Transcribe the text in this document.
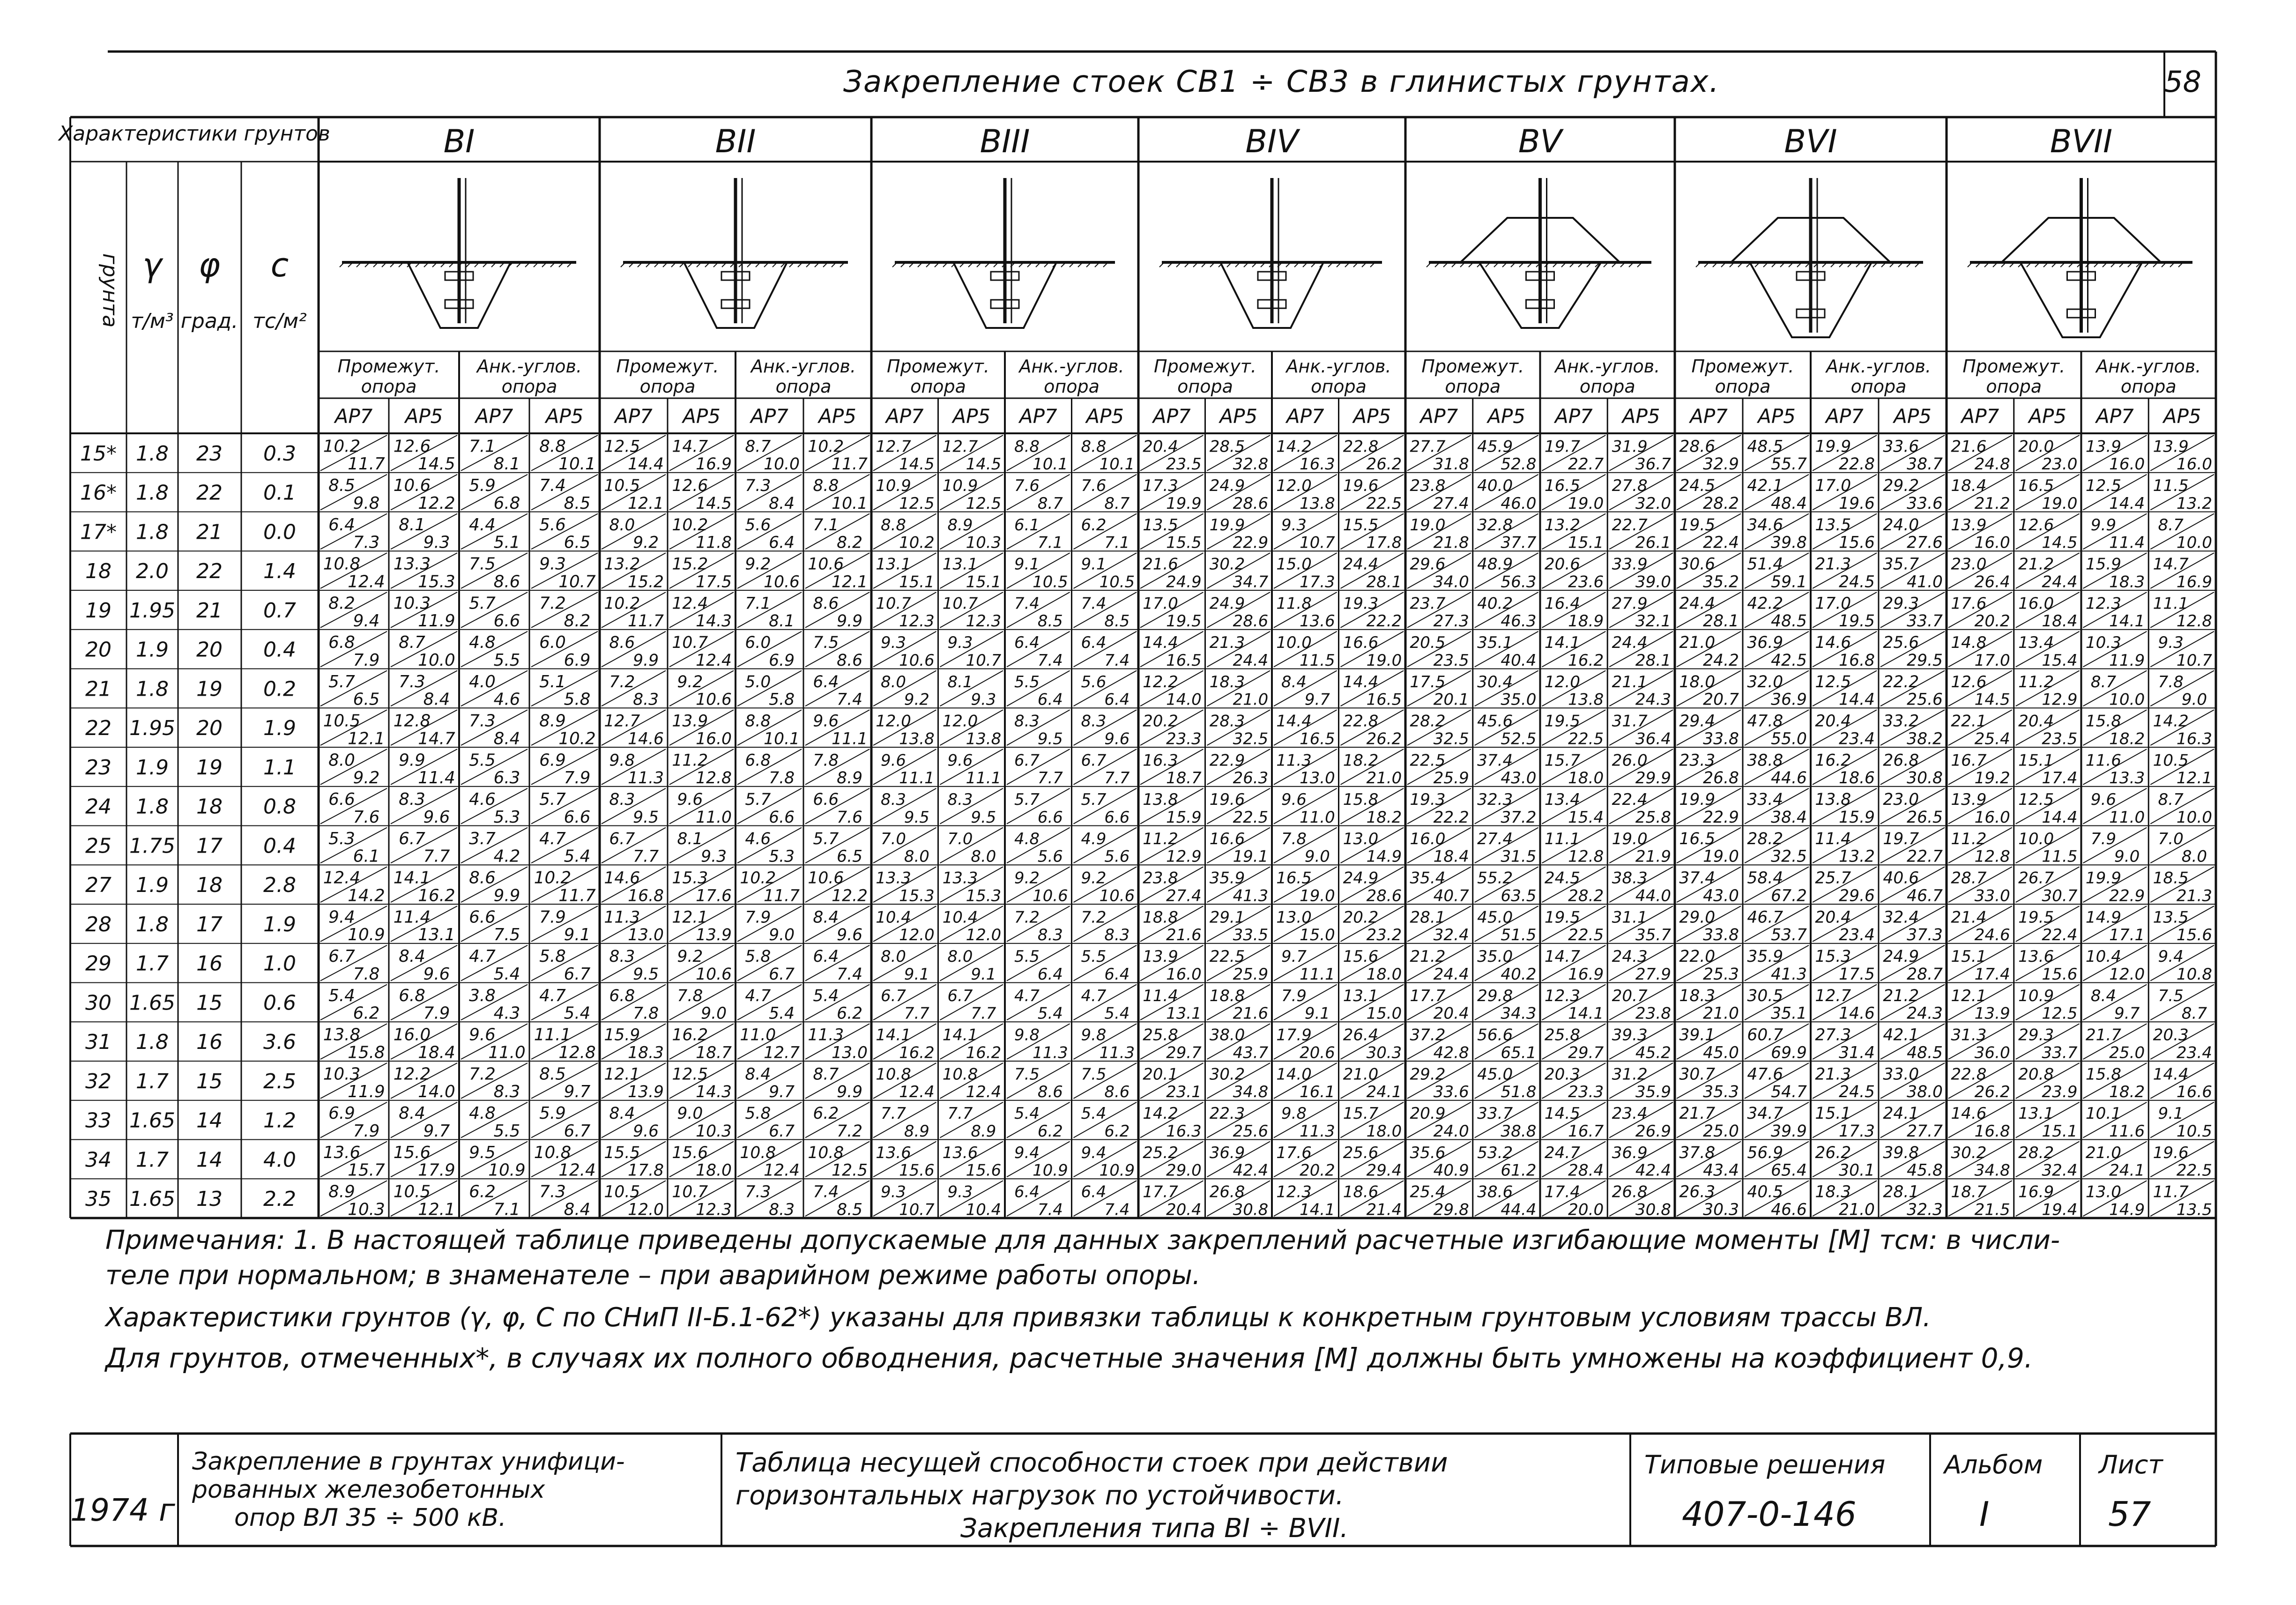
Характеристики грунтов
грунта γ
т/м³
φ
град.
с
тс/м²
ВI
Промежут.
опора
Анк.-углов.
опора
АР7 АР5 АР7 АР5
ВII
Промежут.
опора
Анк.-углов.
опора
АР7 АР5 АР7 АР5
ВIII
Промежут.
опора
Анк.-углов.
опора
АР7 АР5 АР7 АР5
ВIV
Промежут.
опора
Анк.-углов.
опора
АР7 АР5 АР7 АР5
ВV
Промежут.
опора
Анк.-углов.
опора
АР7 АР5 АР7 АР5
ВVI
Промежут.
опора
Анк.-углов.
опора
АР7 АР5 АР7 АР5
ВVII
Промежут.
опора
Анк.-углов.
опора
АР7 АР5 АР7 АР5
15* 1.8 23 0.3 10.2
11.7
12.6
14.5
7.1
8.1
8.8
10.1
12.5
14.4
14.7
16.9
8.7
10.0
10.2
11.7
12.7
14.5
12.7
14.5
8.8
10.1
8.8
10.1
20.4
23.5
28.5
32.8
14.2
16.3
22.8
26.2
27.7
31.8
45.9
52.8
19.7
22.7
31.9
36.7
28.6
32.9
48.5
55.7
19.9
22.8
33.6
38.7
21.6
24.8
20.0
23.0
13.9
16.0
13.9
16.0
16* 1.8 22 0.1 8.5
9.8
10.6
12.2
5.9
6.8
7.4
8.5
10.5
12.1
12.6
14.5
7.3
8.4
8.8
10.1
10.9
12.5
10.9
12.5
7.6
8.7
7.6
8.7
17.3
19.9
24.9
28.6
12.0
13.8
19.6
22.5
23.8
27.4
40.0
46.0
16.5
19.0
27.8
32.0
24.5
28.2
42.1
48.4
17.0
19.6
29.2
33.6
18.4
21.2
16.5
19.0
12.5
14.4
11.5
13.2
17* 1.8 21 0.0 6.4
7.3
8.1
9.3
4.4
5.1
5.6
6.5
8.0
9.2
10.2
11.8
5.6
6.4
7.1
8.2
8.8
10.2
8.9
10.3
6.1
7.1
6.2
7.1
13.5
15.5
19.9
22.9
9.3
10.7
15.5
17.8
19.0
21.8
32.8
37.7
13.2
15.1
22.7
26.1
19.5
22.4
34.6
39.8
13.5
15.6
24.0
27.6
13.9
16.0
12.6
14.5
9.9
11.4
8.7
10.0
18 2.0 22 1.4 10.8
12.4
13.3
15.3
7.5
8.6
9.3
10.7
13.2
15.2
15.2
17.5
9.2
10.6
10.6
12.1
13.1
15.1
13.1
15.1
9.1
10.5
9.1
10.5
21.6
24.9
30.2
34.7
15.0
17.3
24.4
28.1
29.6
34.0
48.9
56.3
20.6
23.6
33.9
39.0
30.6
35.2
51.4
59.1
21.3
24.5
35.7
41.0
23.0
26.4
21.2
24.4
15.9
18.3
14.7
16.9
19 1.95 21 0.7 8.2
9.4
10.3
11.9
5.7
6.6
7.2
8.2
10.2
11.7
12.4
14.3
7.1
8.1
8.6
9.9
10.7
12.3
10.7
12.3
7.4
8.5
7.4
8.5
17.0
19.5
24.9
28.6
11.8
13.6
19.3
22.2
23.7
27.3
40.2
46.3
16.4
18.9
27.9
32.1
24.4
28.1
42.2
48.5
17.0
19.5
29.3
33.7
17.6
20.2
16.0
18.4
12.3
14.1
11.1
12.8
20 1.9 20 0.4 6.8
7.9
8.7
10.0
4.8
5.5
6.0
6.9
8.6
9.9
10.7
12.4
6.0
6.9
7.5
8.6
9.3
10.6
9.3
10.7
6.4
7.4
6.4
7.4
14.4
16.5
21.3
24.4
10.0
11.5
16.6
19.0
20.5
23.5
35.1
40.4
14.1
16.2
24.4
28.1
21.0
24.2
36.9
42.5
14.6
16.8
25.6
29.5
14.8
17.0
13.4
15.4
10.3
11.9
9.3
10.7
21 1.8 19 0.2 5.7
6.5
7.3
8.4
4.0
4.6
5.1
5.8
7.2
8.3
9.2
10.6
5.0
5.8
6.4
7.4
8.0
9.2
8.1
9.3
5.5
6.4
5.6
6.4
12.2
14.0
18.3
21.0
8.4
9.7
14.4
16.5
17.5
20.1
30.4
35.0
12.0
13.8
21.1
24.3
18.0
20.7
32.0
36.9
12.5
14.4
22.2
25.6
12.6
14.5
11.2
12.9
8.7
10.0
7.8
9.0
22 1.95 20 1.9 10.5
12.1
12.8
14.7
7.3
8.4
8.9
10.2
12.7
14.6
13.9
16.0
8.8
10.1
9.6
11.1
12.0
13.8
12.0
13.8
8.3
9.5
8.3
9.6
20.2
23.3
28.3
32.5
14.4
16.5
22.8
26.2
28.2
32.5
45.6
52.5
19.5
22.5
31.7
36.4
29.4
33.8
47.8
55.0
20.4
23.4
33.2
38.2
22.1
25.4
20.4
23.5
15.8
18.2
14.2
16.3
23 1.9 19 1.1 8.0
9.2
9.9
11.4
5.5
6.3
6.9
7.9
9.8
11.3
11.2
12.8
6.8
7.8
7.8
8.9
9.6
11.1
9.6
11.1
6.7
7.7
6.7
7.7
16.3
18.7
22.9
26.3
11.3
13.0
18.2
21.0
22.5
25.9
37.4
43.0
15.7
18.0
26.0
29.9
23.3
26.8
38.8
44.6
16.2
18.6
26.8
30.8
16.7
19.2
15.1
17.4
11.6
13.3
10.5
12.1
24 1.8 18 0.8 6.6
7.6
8.3
9.6
4.6
5.3
5.7
6.6
8.3
9.5
9.6
11.0
5.7
6.6
6.6
7.6
8.3
9.5
8.3
9.5
5.7
6.6
5.7
6.6
13.8
15.9
19.6
22.5
9.6
11.0
15.8
18.2
19.3
22.2
32.3
37.2
13.4
15.4
22.4
25.8
19.9
22.9
33.4
38.4
13.8
15.9
23.0
26.5
13.9
16.0
12.5
14.4
9.6
11.0
8.7
10.0
25 1.75 17 0.4 5.3
6.1
6.7
7.7
3.7
4.2
4.7
5.4
6.7
7.7
8.1
9.3
4.6
5.3
5.7
6.5
7.0
8.0
7.0
8.0
4.8
5.6
4.9
5.6
11.2
12.9
16.6
19.1
7.8
9.0
13.0
14.9
16.0
18.4
27.4
31.5
11.1
12.8
19.0
21.9
16.5
19.0
28.2
32.5
11.4
13.2
19.7
22.7
11.2
12.8
10.0
11.5
7.9
9.0
7.0
8.0
27 1.9 18 2.8 12.4
14.2
14.1
16.2
8.6
9.9
10.2
11.7
14.6
16.8
15.3
17.6
10.2
11.7
10.6
12.2
13.3
15.3
13.3
15.3
9.2
10.6
9.2
10.6
23.8
27.4
35.9
41.3
16.5
19.0
24.9
28.6
35.4
40.7
55.2
63.5
24.5
28.2
38.3
44.0
37.4
43.0
58.4
67.2
25.7
29.6
40.6
46.7
28.7
33.0
26.7
30.7
19.9
22.9
18.5
21.3
28 1.8 17 1.9 9.4
10.9
11.4
13.1
6.6
7.5
7.9
9.1
11.3
13.0
12.1
13.9
7.9
9.0
8.4
9.6
10.4
12.0
10.4
12.0
7.2
8.3
7.2
8.3
18.8
21.6
29.1
33.5
13.0
15.0
20.2
23.2
28.1
32.4
45.0
51.5
19.5
22.5
31.1
35.7
29.0
33.8
46.7
53.7
20.4
23.4
32.4
37.3
21.4
24.6
19.5
22.4
14.9
17.1
13.5
15.6
29 1.7 16 1.0 6.7
7.8
8.4
9.6
4.7
5.4
5.8
6.7
8.3
9.5
9.2
10.6
5.8
6.7
6.4
7.4
8.0
9.1
8.0
9.1
5.5
6.4
5.5
6.4
13.9
16.0
22.5
25.9
9.7
11.1
15.6
18.0
21.2
24.4
35.0
40.2
14.7
16.9
24.3
27.9
22.0
25.3
35.9
41.3
15.3
17.5
24.9
28.7
15.1
17.4
13.6
15.6
10.4
12.0
9.4
10.8
30 1.65 15 0.6 5.4
6.2
6.8
7.9
3.8
4.3
4.7
5.4
6.8
7.8
7.8
9.0
4.7
5.4
5.4
6.2
6.7
7.7
6.7
7.7
4.7
5.4
4.7
5.4
11.4
13.1
18.8
21.6
7.9
9.1
13.1
15.0
17.7
20.4
29.8
34.3
12.3
14.1
20.7
23.8
18.3
21.0
30.5
35.1
12.7
14.6
21.2
24.3
12.1
13.9
10.9
12.5
8.4
9.7
7.5
8.7
31 1.8 16 3.6 13.8
15.8
16.0
18.4
9.6
11.0
11.1
12.8
15.9
18.3
16.2
18.7
11.0
12.7
11.3
13.0
14.1
16.2
14.1
16.2
9.8
11.3
9.8
11.3
25.8
29.7
38.0
43.7
17.9
20.6
26.4
30.3
37.2
42.8
56.6
65.1
25.8
29.7
39.3
45.2
39.1
45.0
60.7
69.9
27.3
31.4
42.1
48.5
31.3
36.0
29.3
33.7
21.7
25.0
20.3
23.4
32 1.7 15 2.5 10.3
11.9
12.2
14.0
7.2
8.3
8.5
9.7
12.1
13.9
12.5
14.3
8.4
9.7
8.7
9.9
10.8
12.4
10.8
12.4
7.5
8.6
7.5
8.6
20.1
23.1
30.2
34.8
14.0
16.1
21.0
24.1
29.2
33.6
45.0
51.8
20.3
23.3
31.2
35.9
30.7
35.3
47.6
54.7
21.3
24.5
33.0
38.0
22.8
26.2
20.8
23.9
15.8
18.2
14.4
16.6
33 1.65 14 1.2 6.9
7.9
8.4
9.7
4.8
5.5
5.9
6.7
8.4
9.6
9.0
10.3
5.8
6.7
6.2
7.2
7.7
8.9
7.7
8.9
5.4
6.2
5.4
6.2
14.2
16.3
22.3
25.6
9.8
11.3
15.7
18.0
20.9
24.0
33.7
38.8
14.5
16.7
23.4
26.9
21.7
25.0
34.7
39.9
15.1
17.3
24.1
27.7
14.6
16.8
13.1
15.1
10.1
11.6
9.1
10.5
34 1.7 14 4.0 13.6
15.7
15.6
17.9
9.5
10.9
10.8
12.4
15.5
17.8
15.6
18.0
10.8
12.4
10.8
12.5
13.6
15.6
13.6
15.6
9.4
10.9
9.4
10.9
25.2
29.0
36.9
42.4
17.6
20.2
25.6
29.4
35.6
40.9
53.2
61.2
24.7
28.4
36.9
42.4
37.8
43.4
56.9
65.4
26.2
30.1
39.8
45.8
30.2
34.8
28.2
32.4
21.0
24.1
19.6
22.5
35 1.65 13 2.2 8.9
10.3
10.5
12.1
6.2
7.1
7.3
8.4
10.5
12.0
10.7
12.3
7.3
8.3
7.4
8.5
9.3
10.7
9.3
10.4
6.4
7.4
6.4
7.4
17.7
20.4
26.8
30.8
12.3
14.1
18.6
21.4
25.4
29.8
38.6
44.4
17.4
20.0
26.8
30.8
26.3
30.3
40.5
46.6
18.3
21.0
28.1
32.3
18.7
21.5
16.9
19.4
13.0
14.9
11.7
13.5
Закрепление стоек СВ1 ÷ СВ3 в глинистых грунтах.	58
Примечания: 1. В настоящей таблице приведены допускаемые для данных закреплений расчетные изгибающие моменты [М] тсм: в числи-
теле при нормальном; в знаменателе – при аварийном режиме работы опоры.
Характеристики грунтов (γ, φ, С по СНиП II-Б.1-62*) указаны для привязки таблицы к конкретным грунтовым условиям трассы ВЛ.
Для грунтов, отмеченных*, в случаях их полного обводнения, расчетные значения [М] должны быть умножены на коэффициент 0,9.
1974 г
Закрепление в грунтах унифици-
рованных железобетонных
опор ВЛ 35 ÷ 500 кВ.
Таблица несущей способности стоек при действии
горизонтальных нагрузок по устойчивости.
Закрепления типа ВI ÷ ВVII.
Типовые решения
407-0-146
Альбом
I
Лист
57
